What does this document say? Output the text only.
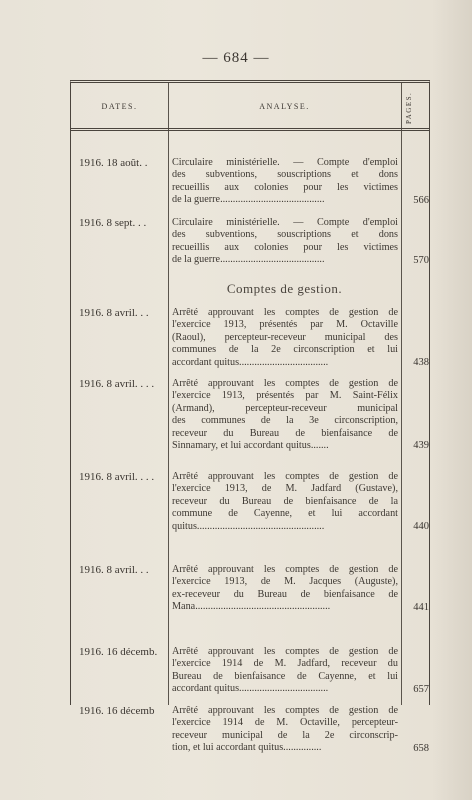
— 684 —
DATES.	ANALYSE.	PAGES.
Comptes de gestion.
1916. 18 août. .	Circulaire ministérielle. — Compte d'emploi
des subventions, souscriptions et dons
recueillis aux colonies pour les victimes
de la guerre.........................................	566
1916. 8 sept. . .	Circulaire ministérielle. — Compte d'emploi
des subventions, souscriptions et dons
recueillis aux colonies pour les victimes
de la guerre.........................................	570
1916. 8 avril. . .	Arrêté approuvant les comptes de gestion de
l'exercice 1913, présentés par M. Octaville
(Raoul), percepteur-receveur municipal des
communes de la 2e circonscription et lui
accordant quitus...................................	438
1916. 8 avril. . . .	Arrêté approuvant les comptes de gestion de
l'exercice 1913, présentés par M. Saint-Félix
(Armand), percepteur-receveur municipal
des communes de la 3e circonscription,
receveur du Bureau de bienfaisance de
Sinnamary, et lui accordant quitus.......	439
1916. 8 avril. . . .	Arrêté approuvant les comptes de gestion de
l'exercice 1913, de M. Jadfard (Gustave),
receveur du Bureau de bienfaisance de la
commune de Cayenne, et lui accordant
quitus..................................................	440
1916. 8 avril. . .	Arrêté approuvant les comptes de gestion de
l'exercice 1913, de M. Jacques (Auguste),
ex-receveur du Bureau de bienfaisance de
Mana.....................................................	441
1916. 16 décemb.	Arrêté approuvant les comptes de gestion de
l'exercice 1914 de M. Jadfard, receveur du
Bureau de bienfaisance de Cayenne, et lui
accordant quitus...................................	657
1916. 16 décemb	Arrêté approuvant les comptes de gestion de
l'exercice 1914 de M. Octaville, percepteur-
receveur municipal de la 2e circonscrip-
tion, et lui accordant quitus...............	658
